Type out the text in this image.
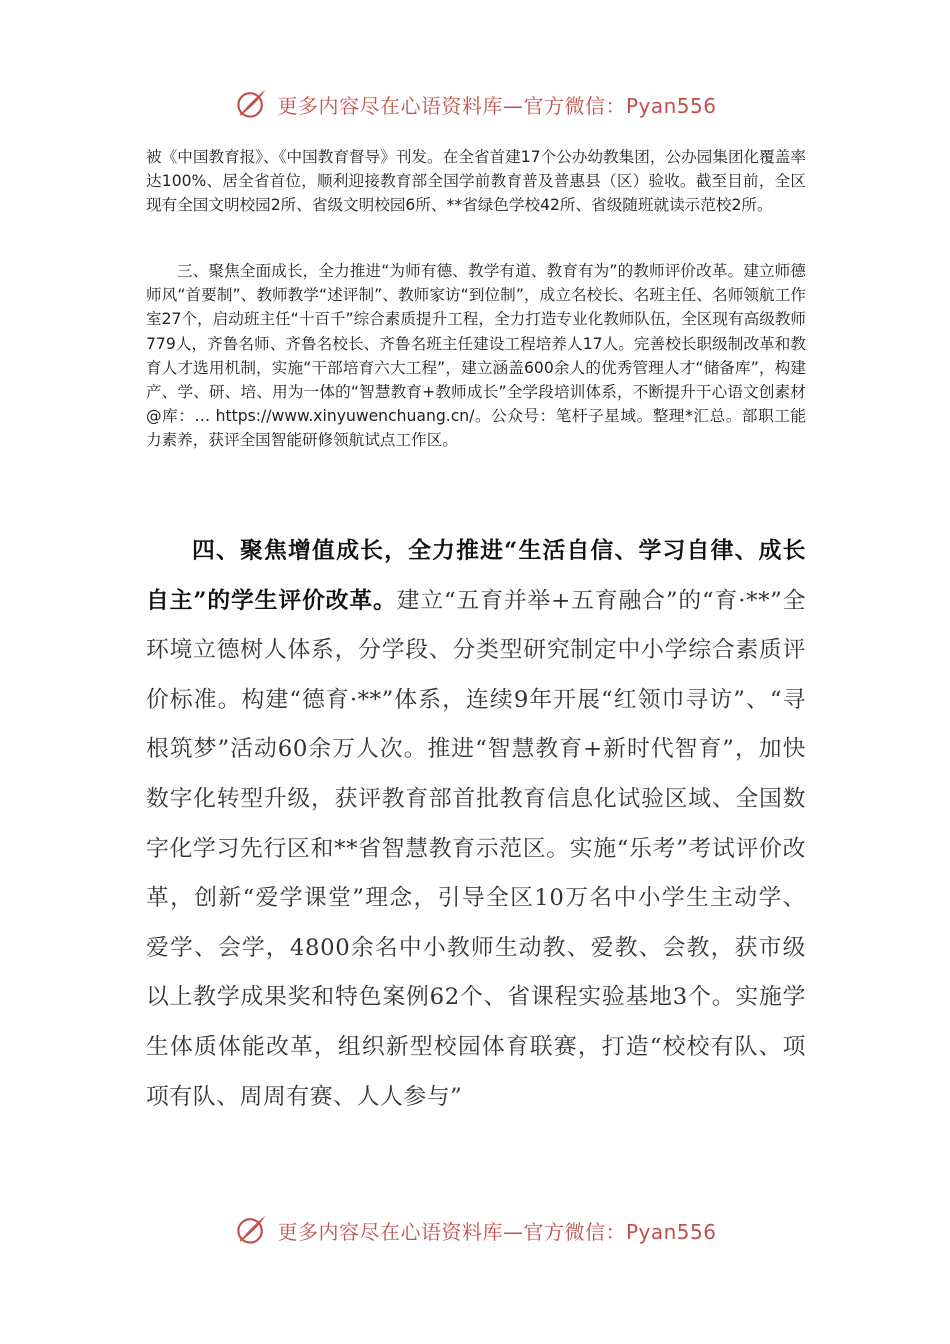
更多内容尽在心语资料库—官方微信：Pyan556

被《中国教育报》、《中国教育督导》刊发。在全省首建17个公办幼教集团，公办园集团化覆盖率达100%、居全省首位，顺利迎接教育部全国学前教育普及普惠县（区）验收。截至目前，全区现有全国文明校园2所、省级文明校园6所、**省绿色学校42所、省级随班就读示范校2所。

三、聚焦全面成长，全力推进“为师有德、教学有道、教育有为”的教师评价改革。建立师德师风“首要制”、教师教学“述评制”、教师家访“到位制”，成立名校长、名班主任、名师领航工作室27个，启动班主任“十百千”综合素质提升工程，全力打造专业化教师队伍，全区现有高级教师779人，齐鲁名师、齐鲁名校长、齐鲁名班主任建设工程培养人17人。完善校长职级制改革和教育人才选用机制，实施“干部培育六大工程”，建立涵盖600余人的优秀管理人才“储备库”，构建产、学、研、培、用为一体的“智慧教育+教师成长”全学段培训体系，不断提升干心语文创素材@库：… https://www.xinyuwenchuang.cn/。公众号：笔杆子星域。整理*汇总。部职工能力素养，获评全国智能研修领航试点工作区。

四、聚焦增值成长，全力推进“生活自信、学习自律、成长自主”的学生评价改革。建立“五育并举+五育融合”的“育·**”全环境立德树人体系，分学段、分类型研究制定中小学综合素质评价标准。构建“德育·**”体系，连续9年开展“红领巾寻访”、“寻根筑梦”活动60余万人次。推进“智慧教育+新时代智育”，加快数字化转型升级，获评教育部首批教育信息化试验区域、全国数字化学习先行区和**省智慧教育示范区。实施“乐考”考试评价改革，创新“爱学课堂”理念，引导全区10万名中小学生主动学、爱学、会学，4800余名中小教师生动教、爱教、会教，获市级以上教学成果奖和特色案例62个、省课程实验基地3个。实施学生体质体能改革，组织新型校园体育联赛，打造“校校有队、项项有队、周周有赛、人人参与”

更多内容尽在心语资料库—官方微信：Pyan556
